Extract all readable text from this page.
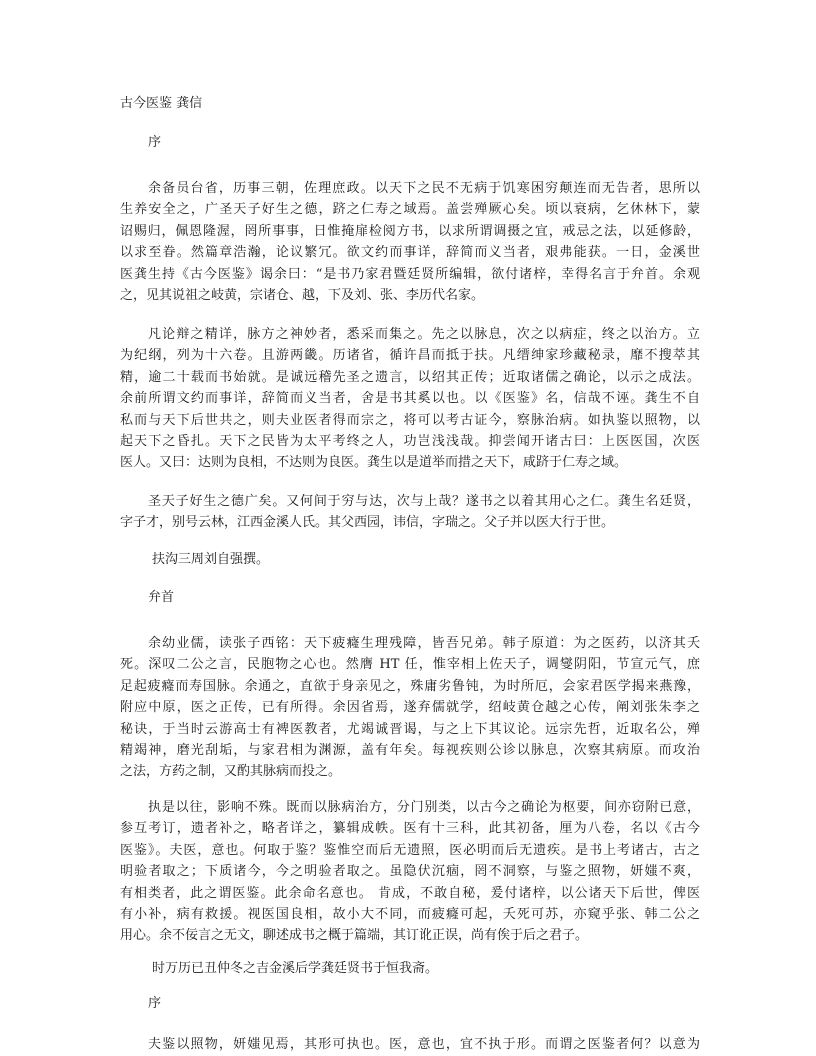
古今医鉴 龚信
序
余备员台省，历事三朝，佐理庶政。以天下之民不无病于饥寒困穷颠连而无告者，思所以
生养安全之，广圣天子好生之德，跻之仁寿之域焉。盖尝殚厥心矣。顷以衰病，乞休林下，蒙
诏赐归，佩恩隆渥，罔所事事，日惟掩扉检阅方书，以求所谓调摄之宜，戒忌之法，以延修龄，
以求至眷。然篇章浩瀚，论议繁冗。欲文约而事详，辞简而义当者，艰弗能获。一日，金溪世
医龚生持《古今医鉴》谒余曰：“是书乃家君暨廷贤所编辑，欲付诸梓，幸得名言于弁首。余观
之，见其说祖之岐黄，宗诸仓、越，下及刘、张、李历代名家。
凡论辩之精详，脉方之神妙者，悉采而集之。先之以脉息，次之以病症，终之以治方。立
为纪纲，列为十六卷。且游两畿。历诸省，循许昌而抵于扶。凡缙绅家珍藏秘录，靡不搜萃其
精，逾二十载而书始就。是诚远稽先圣之遗言，以绍其正传；近取诸儒之确论，以示之成法。
余前所谓文约而事详，辞简而义当者，舍是书其奚以也。以《医鉴》名，信哉不诬。龚生不自
私而与天下后世共之，则夫业医者得而宗之，将可以考古证今，察脉治病。如执鉴以照物，以
起天下之昏扎。天下之民皆为太平考终之人，功岂浅浅哉。抑尝闻开诸古曰：上医医国，次医
医人。又曰：达则为良相，不达则为良医。龚生以是道举而措之天下，咸跻于仁寿之域。
圣天子好生之德广矣。又何间于穷与达，次与上哉？遂书之以着其用心之仁。龚生名廷贤，
字子才，别号云林，江西金溪人氏。其父西园，讳信，字瑞之。父子并以医大行于世。
扶沟三周刘自强撰。
弁首
余幼业儒，读张子西铭：天下疲癃生理残障，皆吾兄弟。韩子原道：为之医药，以济其夭
死。深叹二公之言，民胞物之心也。然膺 HT 任，惟宰相上佐天子，调燮阴阳，节宣元气，庶
足起疲癃而寿国脉。余通之，直欲于身亲见之，殊庸劣鲁钝，为时所厄，会家君医学揭来燕豫，
附应中原，医之正传，已有所得。余因省焉，遂弃儒就学，绍岐黄仓越之心传，阐刘张朱李之
秘诀，于当时云游高士有裨医教者，尤竭诚晋谒，与之上下其议论。远宗先哲，近取名公，殚
精竭神，磨光刮垢，与家君相为渊源，盖有年矣。每视疾则公诊以脉息，次察其病原。而攻治
之法，方药之制，又酌其脉病而投之。
执是以往，影响不殊。既而以脉病治方，分门别类，以古今之确论为枢要，间亦窃附已意，
参互考订，遗者补之，略者详之，纂辑成帙。医有十三科，此其初备，厘为八卷，名以《古今
医鉴》。夫医，意也。何取于鉴？鉴惟空而后无遗照，医必明而后无遗疾。是书上考诸古，古之
明验者取之；下质诸今，今之明验者取之。虽隐伏沉痼，罔不洞察，与鉴之照物，妍媸不爽，
有相类者，此之谓医鉴。此余命名意也。 肯成，不敢自秘，爰付诸梓，以公诸天下后世，俾医
有小补，病有救援。视医国良相，故小大不同，而疲癃可起，夭死可苏，亦窥乎张、韩二公之
用心。余不佞言之无文，聊述成书之概于篇端，其订讹正误，尚有俟于后之君子。
时万历已丑仲冬之吉金溪后学龚廷贤书于恒我斋。
序
夫鉴以照物，妍媸见焉，其形可执也。医，意也，宜不执于形。而谓之医鉴者何？以意为
